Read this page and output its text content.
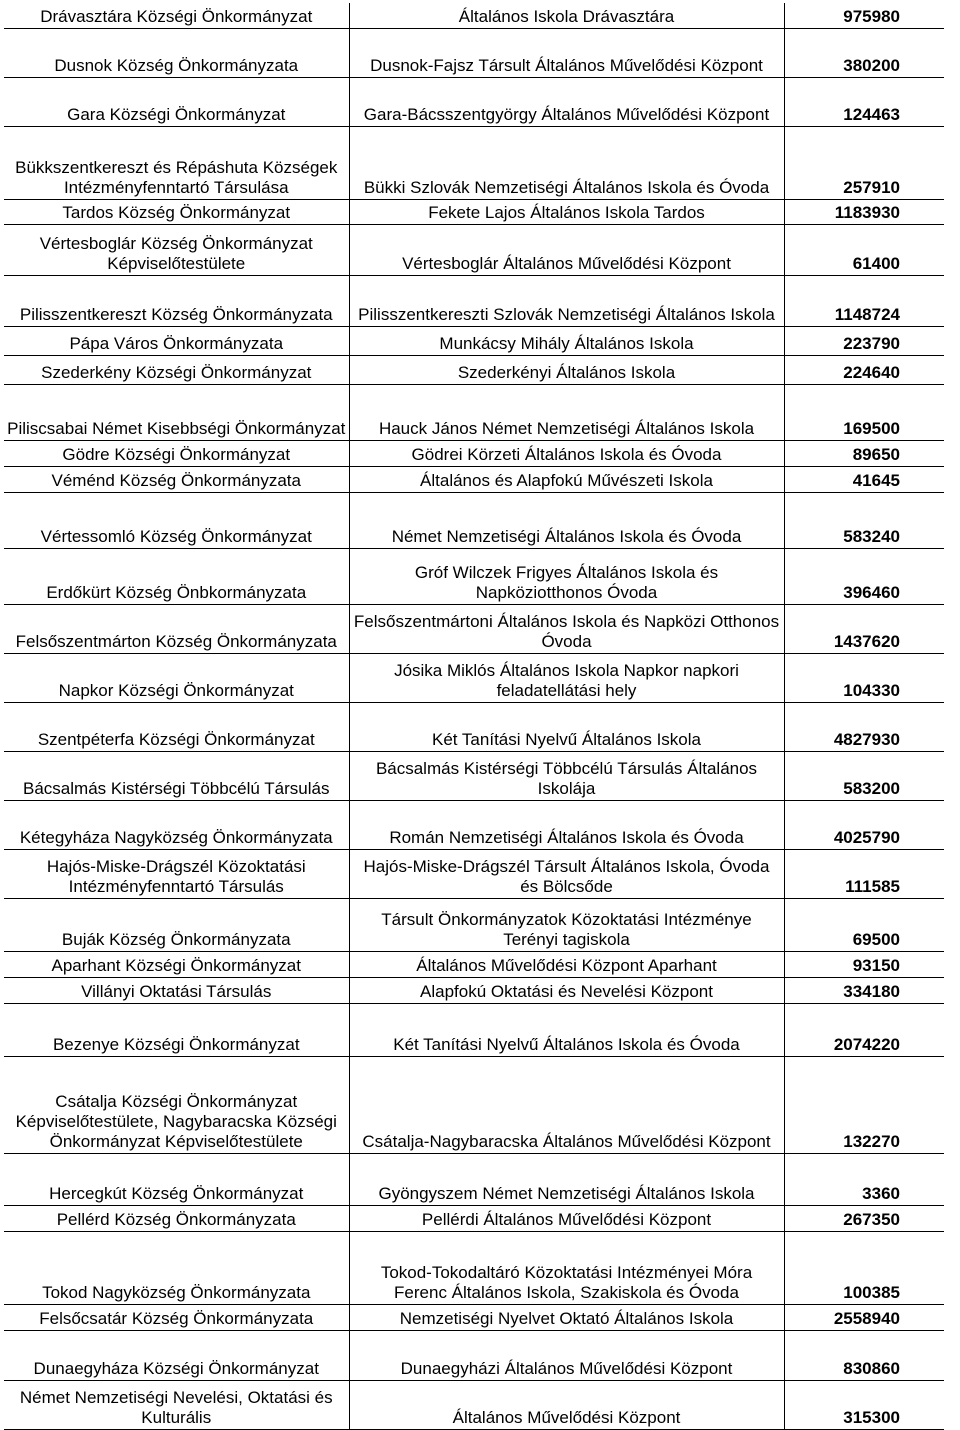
Drávasztára Községi Önkormányzat	Általános Iskola Drávasztára	975980
Dusnok Község Önkormányzata	Dusnok-Fajsz Társult Általános Művelődési Központ	380200
Gara Községi Önkormányzat	Gara-Bácsszentgyörgy Általános Művelődési Központ	124463
Bükkszentkereszt és Répáshuta Községek Intézményfenntartó Társulása	Bükki Szlovák Nemzetiségi Általános Iskola és Óvoda	257910
Tardos Község Önkormányzat	Fekete Lajos Általános Iskola Tardos	1183930
Vértesboglár Község Önkormányzat Képviselőtestülete	Vértesboglár Általános Művelődési Központ	61400
Pilisszentkereszt Község Önkormányzata	Pilisszentkereszti Szlovák Nemzetiségi Általános Iskola	1148724
Pápa Város Önkormányzata	Munkácsy Mihály Általános Iskola	223790
Szederkény Községi Önkormányzat	Szederkényi Általános Iskola	224640
Piliscsabai Német Kisebbségi Önkormányzat	Hauck János Német Nemzetiségi Általános Iskola	169500
Gödre Községi Önkormányzat	Gödrei Körzeti Általános Iskola és Óvoda	89650
Véménd Község Önkormányzata	Általános és Alapfokú Művészeti Iskola	41645
Vértessomló Község Önkormányzat	Német Nemzetiségi Általános Iskola és Óvoda	583240
Erdőkürt Község Önbkormányzata	Gróf Wilczek Frigyes Általános Iskola és Napköziotthonos Óvoda	396460
Felsőszentmárton Község Önkormányzata	Felsőszentmártoni Általános Iskola és Napközi Otthonos Óvoda	1437620
Napkor Községi Önkormányzat	Jósika Miklós Általános Iskola Napkor napkori feladatellátási hely	104330
Szentpéterfa Községi Önkormányzat	Két Tanítási Nyelvű Általános Iskola	4827930
Bácsalmás Kistérségi Többcélú Társulás	Bácsalmás Kistérségi Többcélú Társulás Általános Iskolája	583200
Kétegyháza Nagyközség Önkormányzata	Román Nemzetiségi Általános Iskola és Óvoda	4025790
Hajós-Miske-Drágszél Közoktatási Intézményfenntartó Társulás	Hajós-Miske-Drágszél Társult Általános Iskola, Óvoda és Bölcsőde	111585
Buják Község Önkormányzata	Társult Önkormányzatok Közoktatási Intézménye Terényi tagiskola	69500
Aparhant Községi Önkormányzat	Általános Művelődési Központ Aparhant	93150
Villányi Oktatási Társulás	Alapfokú Oktatási és Nevelési Központ	334180
Bezenye Községi Önkormányzat	Két Tanítási Nyelvű Általános Iskola és Óvoda	2074220
Csátalja Községi Önkormányzat Képviselőtestülete, Nagybaracska Községi Önkormányzat Képviselőtestülete	Csátalja-Nagybaracska Általános Művelődési Központ	132270
Hercegkút Község Önkormányzat	Gyöngyszem Német Nemzetiségi Általános Iskola	3360
Pellérd Község Önkormányzata	Pellérdi Általános Művelődési Központ	267350
Tokod Nagyközség Önkormányzata	Tokod-Tokodaltáró Közoktatási Intézményei Móra Ferenc Általános Iskola, Szakiskola és Óvoda	100385
Felsőcsatár Község Önkormányzata	Nemzetiségi Nyelvet Oktató Általános Iskola	2558940
Dunaegyháza Községi Önkormányzat	Dunaegyházi Általános Művelődési Központ	830860
Német Nemzetiségi Nevelési, Oktatási és Kulturális	Általános Művelődési Központ	315300
